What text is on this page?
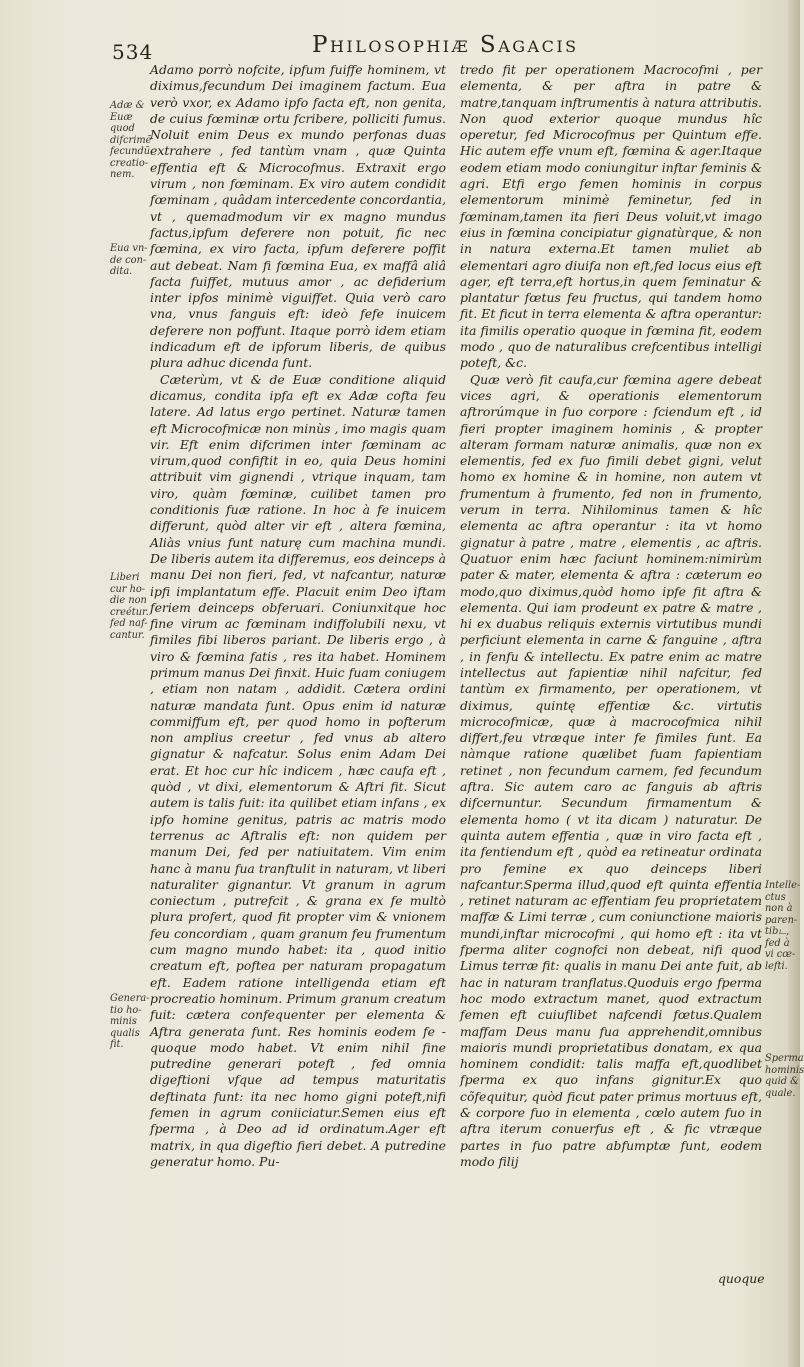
534	Philosophiæ Sagacis

Adamo porrò nofcite, ipfum fuiffe hominem, vt diximus,fecundum Dei imaginem factum. Eua verò vxor, ex Adamo ipfo facta eft, non genita, de cuius fœminæ ortu fcribere, polliciti fumus. Noluit enim Deus ex mundo perfonas duas extrahere , fed tantùm vnam , quæ Quinta effentia eft & Microcofmus. Extraxit ergo virum , non fœminam. Ex viro autem condidit fœminam , quâdam intercedente concordantia, vt , quemadmodum vir ex magno mundus factus,ipfum deferere non potuit, fic nec fœmina, ex viro facta, ipfum deferere poffit aut debeat. Nam fi fœmina Eua, ex maffâ aliâ facta fuiffet, mutuus amor , ac defiderium inter ipfos minimè viguiffet. Quia verò caro vna, vnus fanguis eft: ideò fefe inuicem deferere non poffunt. Itaque porrò idem etiam indicadum eft de ipforum liberis, de quibus plura adhuc dicenda funt.

Cæterùm, vt & de Euæ conditione aliquid dicamus, condita ipfa eft ex Adæ cofta feu latere. Ad latus ergo pertinet. Naturæ tamen eft Microcofmicæ non minùs , imo magis quam vir. Eft enim difcrimen inter fœminam ac virum,quod confiftit in eo, quia Deus homini attribuit vim gignendi , vtrique inquam, tam viro, quàm fœminæ, cuilibet tamen pro conditionis fuæ ratione. In hoc à fe inuicem differunt, quòd alter vir eft , altera fœmina, Aliàs vnius funt naturę cum machina mundi. De liberis autem ita differemus, eos deinceps à manu Dei non fieri, fed, vt nafcantur, naturæ ipfi implantatum effe. Placuit enim Deo iftam feriem deinceps obferuari. Coniunxitque hoc fine virum ac fœminam indiffolubili nexu, vt fimiles fibi liberos pariant. De liberis ergo , à viro & fœmina fatis , res ita habet. Hominem primum manus Dei finxit. Huic fuam coniugem , etiam non natam , addidit. Cætera ordini naturæ mandata funt. Opus enim id naturæ commiffum eft, per quod homo in pofterum non amplius creetur , fed vnus ab altero gignatur & nafcatur. Solus enim Adam Dei erat. Et hoc cur hîc indicem , hæc caufa eft , quòd , vt dixi, elementorum & Aftri fit. Sicut autem is talis fuit: ita quilibet etiam infans , ex ipfo homine genitus, patris ac matris modo terrenus ac Aftralis eft: non quidem per manum Dei, fed per natiuitatem. Vim enim hanc à manu fua tranftulit in naturam, vt liberi naturaliter gignantur. Vt granum in agrum coniectum , putrefcit , & grana ex fe multò plura profert, quod fit propter vim & vnionem feu concordiam , quam granum feu frumentum cum magno mundo habet: ita , quod initio creatum eft, poftea per naturam propagatum eft. Eadem ratione intelligenda etiam eft procreatio hominum. Primum granum creatum fuit: cætera confequenter per elementa & Aftra generata funt. Res hominis eodem fe -quoque modo habet. Vt enim nihil fine putredine generari poteft , fed omnia digeftioni vfque ad tempus maturitatis deftinata funt: ita nec homo gigni poteft,nifi femen in agrum coniiciatur.Semen eius eft fperma , à Deo ad id ordinatum.Ager eft matrix, in qua digeftio fieri debet. A putredine generatur homo. Pu-

tredo fit per operationem Macrocofmi , per elementa, & per aftra in patre & matre,tanquam inftrumentis à natura attributis. Non quod exterior quoque mundus hîc operetur, fed Microcofmus per Quintum effe. Hic autem effe vnum eft, fœmina & ager.Itaque eodem etiam modo coniungitur inftar feminis & agri. Etfi ergo femen hominis in corpus elementorum minimè feminetur, fed in fœminam,tamen ita fieri Deus voluit,vt imago eius in fœmina concipiatur gignatùrque, & non in natura externa.Et tamen muliet ab elementari agro diuifa non eft,fed locus eius eft ager, eft terra,eft hortus,in quem feminatur & plantatur fœtus feu fructus, qui tandem homo fit. Et ficut in terra elementa & aftra operantur: ita fimilis operatio quoque in fœmina fit, eodem modo , quo de naturalibus crefcentibus intelligi poteft, &c.

Quæ verò fit caufa,cur fœmina agere debeat vices agri, & operationis elementorum aftrorúmque in fuo corpore : fciendum eft , id fieri propter imaginem hominis , & propter alteram formam naturæ animalis, quæ non ex elementis, fed ex fuo fimili debet gigni, velut homo ex homine & in homine, non autem vt frumentum à frumento, fed non in frumento, verum in terra. Nihilominus tamen & hîc elementa ac aftra operantur : ita vt homo gignatur à patre , matre , elementis , ac aftris. Quatuor enim hæc faciunt hominem:nimirùm pater & mater, elementa & aftra : cæterum eo modo,quo diximus,quòd homo ipfe fit aftra & elementa. Qui iam prodeunt ex patre & matre , hi ex duabus reliquis externis virtutibus mundi perficiunt elementa in carne & fanguine , aftra , in fenfu & intellectu. Ex patre enim ac matre intellectus aut fapientiæ nihil nafcitur, fed tantùm ex firmamento, per operationem, vt diximus, quintę effentiæ &c. virtutis microcofmicæ, quæ à macrocofmica nihil differt,feu vtræque inter fe fimiles funt. Ea nàmque ratione quælibet fuam fapientiam retinet , non fecundum carnem, fed fecundum aftra. Sic autem caro ac fanguis ab aftris difcernuntur. Secundum firmamentum & elementa homo ( vt ita dicam ) naturatur. De quinta autem effentia , quæ in viro facta eft , ita fentiendum eft , quòd ea retineatur ordinata pro femine ex quo deinceps liberi nafcantur.Sperma illud,quod eft quinta effentia , retinet naturam ac effentiam feu proprietatem maffæ & Limi terræ , cum coniunctione maioris mundi,inftar microcofmi , qui homo eft : ita vt fperma aliter cognofci non debeat, nifi quod Limus terræ fit: qualis in manu Dei ante fuit, ab hac in naturam tranflatus.Quoduis ergo fperma hoc modo extractum manet, quod extractum femen eft cuiuflibet nafcendi fœtus.Qualem maffam Deus manu fua apprehendit,omnibus maioris mundi proprietatibus donatam, ex qua hominem condidit: talis maffa eft,quodlibet fperma ex quo infans gignitur.Ex quo cõfequitur, quòd ficut pater primus mortuus eft, & corpore fuo in elementa , cœlo autem fuo in aftra iterum conuerfus eft , & fic vtræque partes in fuo patre abfumptæ funt, eodem modo filij

Adæ & Euæ quod difcrimẽ fecundũ creatio-nem.
Eua vn-de con-dita.
Liberi cur ho-die non creétur. fed naf-cantur.
Genera-tio ho-minis qualis fit.
Intelle-ctus non à paren-tibட, fed à vi cœ-lefti.
Sperma hominis quid & quale.
quoque
